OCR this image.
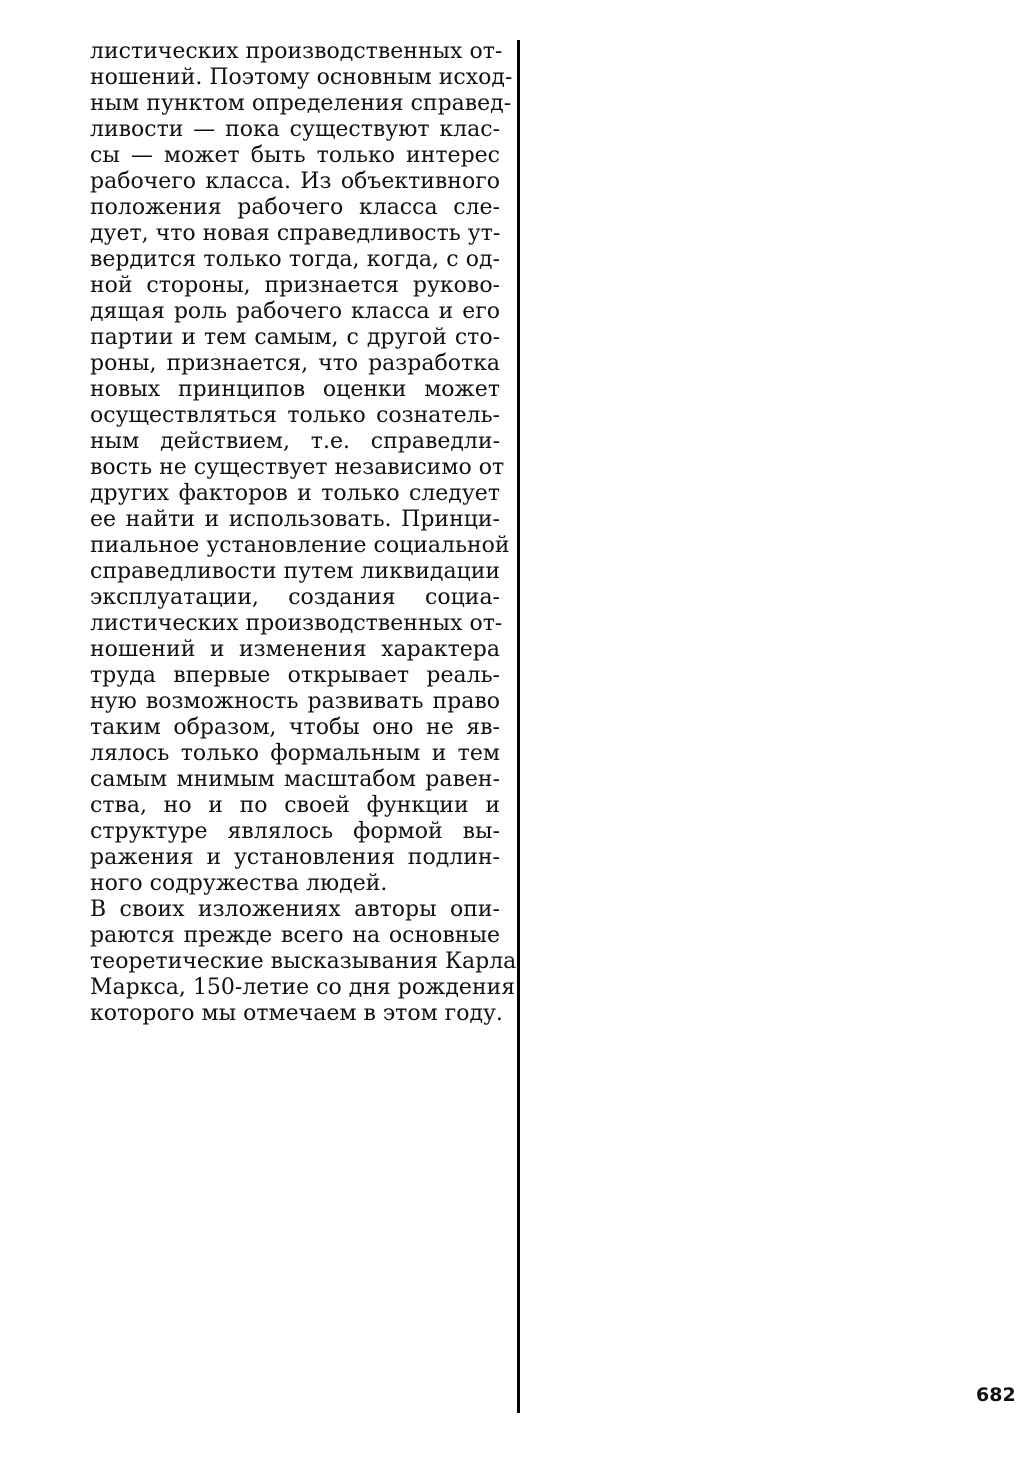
листических производственных от-
ношений. Поэтому основным исход-
ным пунктом определения справед-
ливости — пока существуют клас-
сы — может быть только интерес
рабочего класса. Из объективного
положения рабочего класса сле-
дует, что новая справедливость ут-
вердится только тогда, когда, с од-
ной стороны, признается руково-
дящая роль рабочего класса и его
партии и тем самым, с другой сто-
роны, признается, что разработка
новых принципов оценки может
осуществляться только сознатель-
ным действием, т.е. справедли-
вость не существует независимо от
других факторов и только следует
ее найти и использовать. Принци-
пиальное установление социальной
справедливости путем ликвидации
эксплуатации, создания социа-
листических производственных от-
ношений и изменения характера
труда впервые открывает реаль-
ную возможность развивать право
таким образом, чтобы оно не яв-
лялось только формальным и тем
самым мнимым масштабом равен-
ства, но и по своей функции и
структуре являлось формой вы-
ражения и установления подлин-
ного содружества людей.
В своих изложениях авторы опи-
раются прежде всего на основные
теоретические высказывания Карла
Маркса, 150-летие со дня рождения
которого мы отмечаем в этом году.
682
